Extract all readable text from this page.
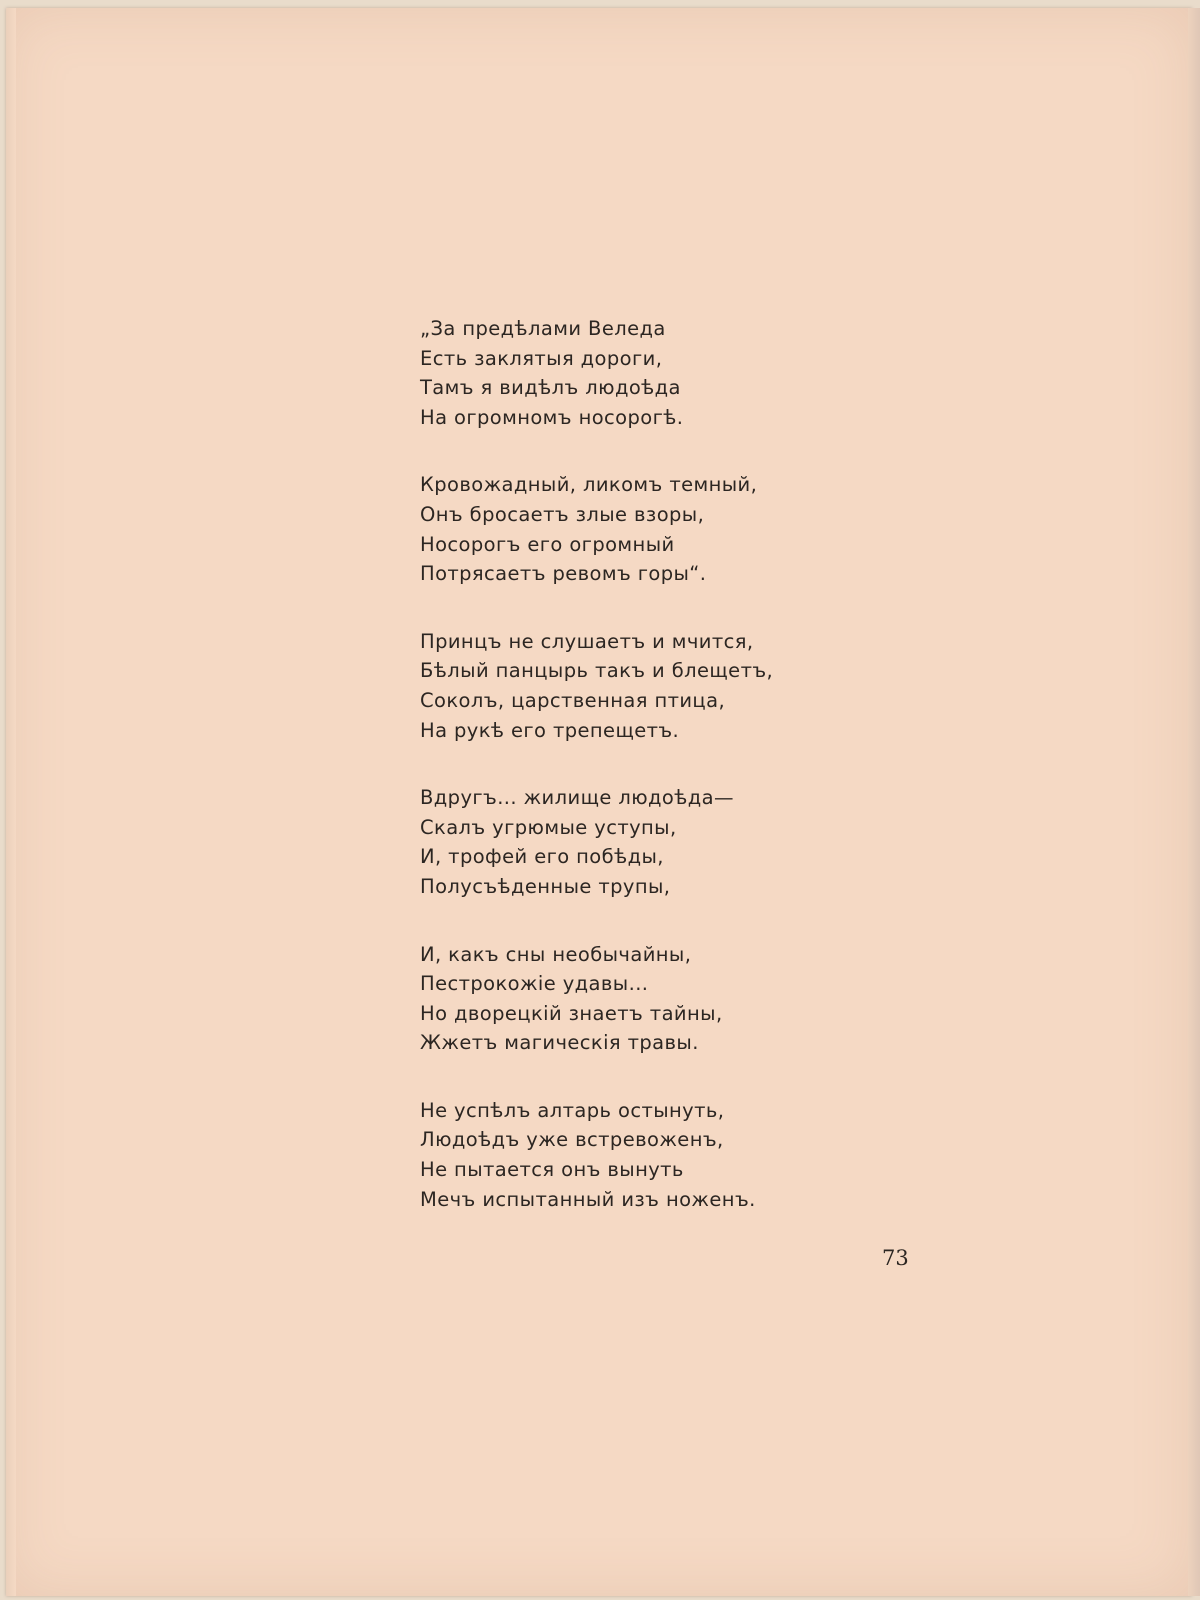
„За предѣлами Веледа
Есть заклятыя дороги,
Тамъ я видѣлъ людоѣда
На огромномъ носорогѣ.
Кровожадный, ликомъ темный,
Онъ бросаетъ злые взоры,
Носорогъ его огромный
Потрясаетъ ревомъ горы“.
Принцъ не слушаетъ и мчится,
Бѣлый панцырь такъ и блещетъ,
Соколъ, царственная птица,
На рукѣ его трепещетъ.
Вдругъ... жилище людоѣда—
Скалъ угрюмые уступы,
И, трофей его побѣды,
Полусъѣденные трупы,
И, какъ сны необычайны,
Пестрокожіе удавы...
Но дворецкій знаетъ тайны,
Жжетъ магическія травы.
Не успѣлъ алтарь остынуть,
Людоѣдъ уже встревоженъ,
Не пытается онъ вынуть
Мечъ испытанный изъ ноженъ.
73
